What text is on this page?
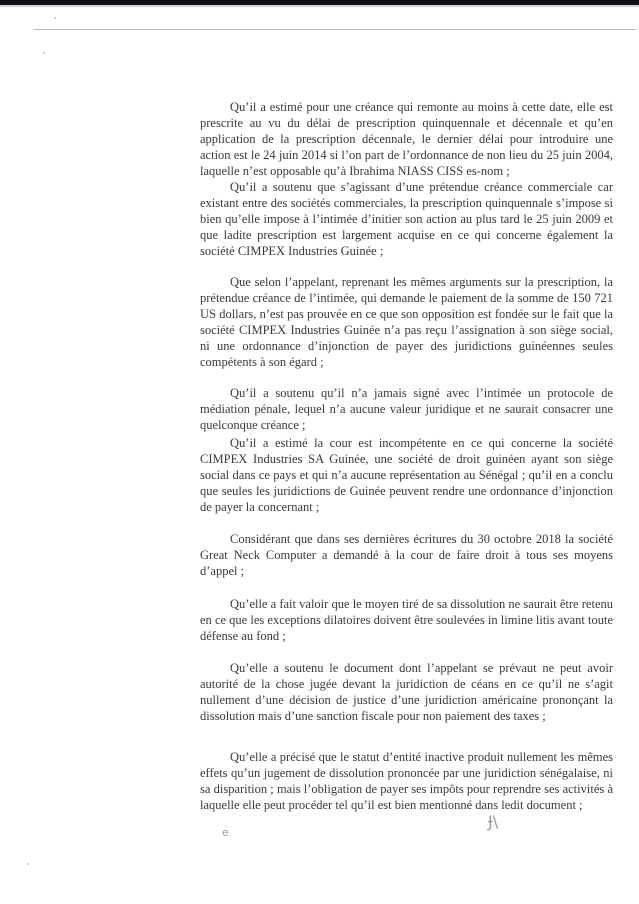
Qu’il a estimé pour une créance qui remonte au moins à cette date, elle est prescrite au vu du délai de prescription quinquennale et décennale et qu’en application de la prescription décennale, le dernier délai pour introduire une action est le 24 juin 2014 si l’on part de l’ordonnance de non lieu du 25 juin 2004, laquelle n’est opposable qu’à Ibrahima NIASS CISS es-nom ;

Qu’il a soutenu que s’agissant d’une prétendue créance commerciale car existant entre des sociétés commerciales, la prescription quinquennale s’impose si bien qu’elle impose à l’intimée d’initier son action au plus tard le 25 juin 2009 et que ladite prescription est largement acquise en ce qui concerne également la société CIMPEX Industries Guinée ;

Que selon l’appelant, reprenant les mêmes arguments sur la prescription, la prétendue créance de l’intimée, qui demande le paiement de la somme de 150 721 US dollars, n’est pas prouvée en ce que son opposition est fondée sur le fait que la société CIMPEX Industries Guinée n’a pas reçu l’assignation à son siège social, ni une ordonnance d’injonction de payer des juridictions guinéennes seules compétents à son égard ;

Qu’il a soutenu qu’il n’a jamais signé avec l’intimée un protocole de médiation pénale, lequel n’a aucune valeur juridique et ne saurait consacrer une quelconque créance ;

Qu’il a estimé la cour est incompétente en ce qui concerne la société CIMPEX Industries SA Guinée, une société de droit guinéen ayant son siège social dans ce pays et qui n’a aucune représentation au Sénégal ; qu’il en a conclu que seules les juridictions de Guinée peuvent rendre une ordonnance d’injonction de payer la concernant ;

Considérant que dans ses dernières écritures du 30 octobre 2018 la société Great Neck Computer a demandé à la cour de faire droit à tous ses moyens d’appel ;

Qu’elle a fait valoir que le moyen tiré de sa dissolution ne saurait être retenu en ce que les exceptions dilatoires doivent être soulevées in limine litis avant toute défense au fond ;

Qu’elle a soutenu le document dont l’appelant se prévaut ne peut avoir autorité de la chose jugée devant la juridiction de céans en ce qu’il ne s’agit nullement d’une décision de justice d’une juridiction américaine prononçant la dissolution mais d’une sanction fiscale pour non paiement des taxes ;

Qu’elle a précisé que le statut d’entité inactive produit nullement les mêmes effets qu’un jugement de dissolution prononcée par une juridiction sénégalaise, ni sa disparition ; mais l’obligation de payer ses impôts pour reprendre ses activités à laquelle elle peut procéder tel qu’il est bien mentionné dans ledit document ;

e
Ɉ\
